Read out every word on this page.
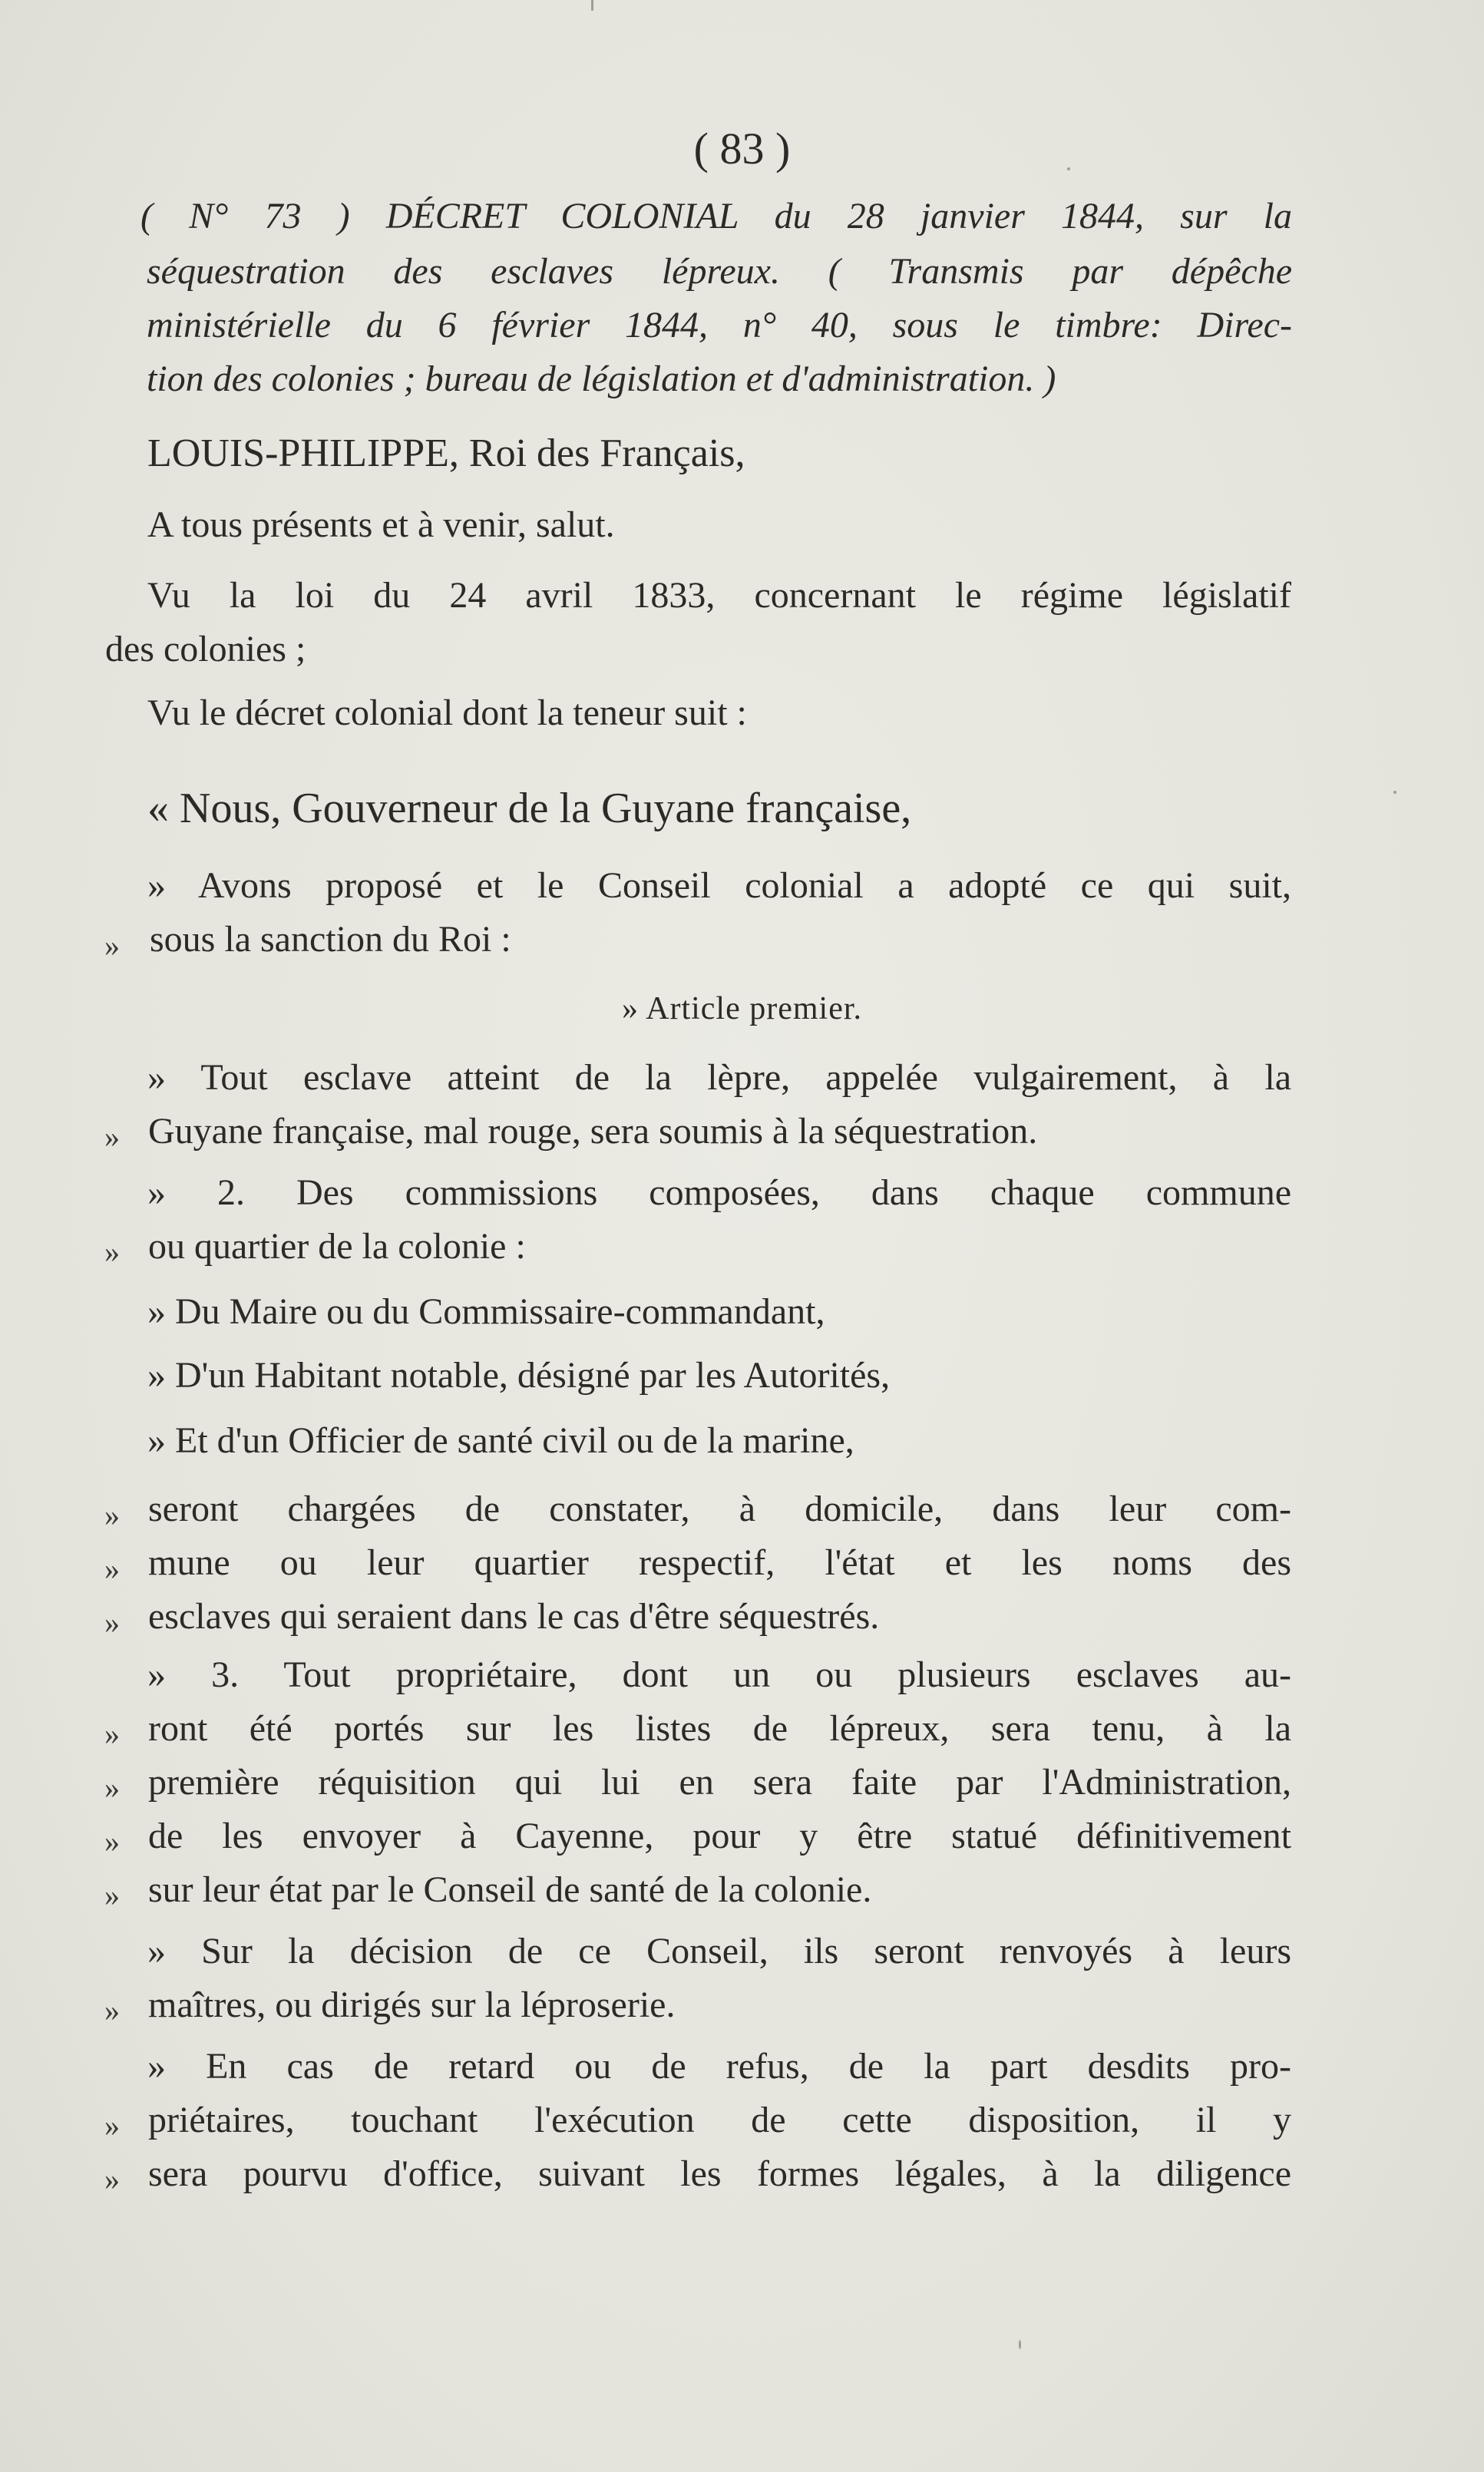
( 83 )
( N° 73 ) DÉCRET COLONIAL du 28 janvier 1844, sur la
séquestration des esclaves lépreux. ( Transmis par dépêche
ministérielle du 6 février 1844, n° 40, sous le timbre: Direc-
tion des colonies ; bureau de législation et d'administration. )
LOUIS-PHILIPPE, Roi des Français,
A tous présents et à venir, salut.
Vu la loi du 24 avril 1833, concernant le régime législatif
des colonies ;
Vu le décret colonial dont la teneur suit :
« Nous, Gouverneur de la Guyane française,
» Avons proposé et le Conseil colonial a adopté ce qui suit,
» sous la sanction du Roi :
» Article premier.
» Tout esclave atteint de la lèpre, appelée vulgairement, à la
» Guyane française, mal rouge, sera soumis à la séquestration.
» 2. Des commissions composées, dans chaque commune
» ou quartier de la colonie :
» Du Maire ou du Commissaire-commandant,
» D'un Habitant notable, désigné par les Autorités,
» Et d'un Officier de santé civil ou de la marine,
» seront chargées de constater, à domicile, dans leur com-
» mune ou leur quartier respectif, l'état et les noms des
» esclaves qui seraient dans le cas d'être séquestrés.
» 3. Tout propriétaire, dont un ou plusieurs esclaves au-
» ront été portés sur les listes de lépreux, sera tenu, à la
» première réquisition qui lui en sera faite par l'Administration,
» de les envoyer à Cayenne, pour y être statué définitivement
» sur leur état par le Conseil de santé de la colonie.
» Sur la décision de ce Conseil, ils seront renvoyés à leurs
» maîtres, ou dirigés sur la léproserie.
» En cas de retard ou de refus, de la part desdits pro-
» priétaires, touchant l'exécution de cette disposition, il y
» sera pourvu d'office, suivant les formes légales, à la diligence
